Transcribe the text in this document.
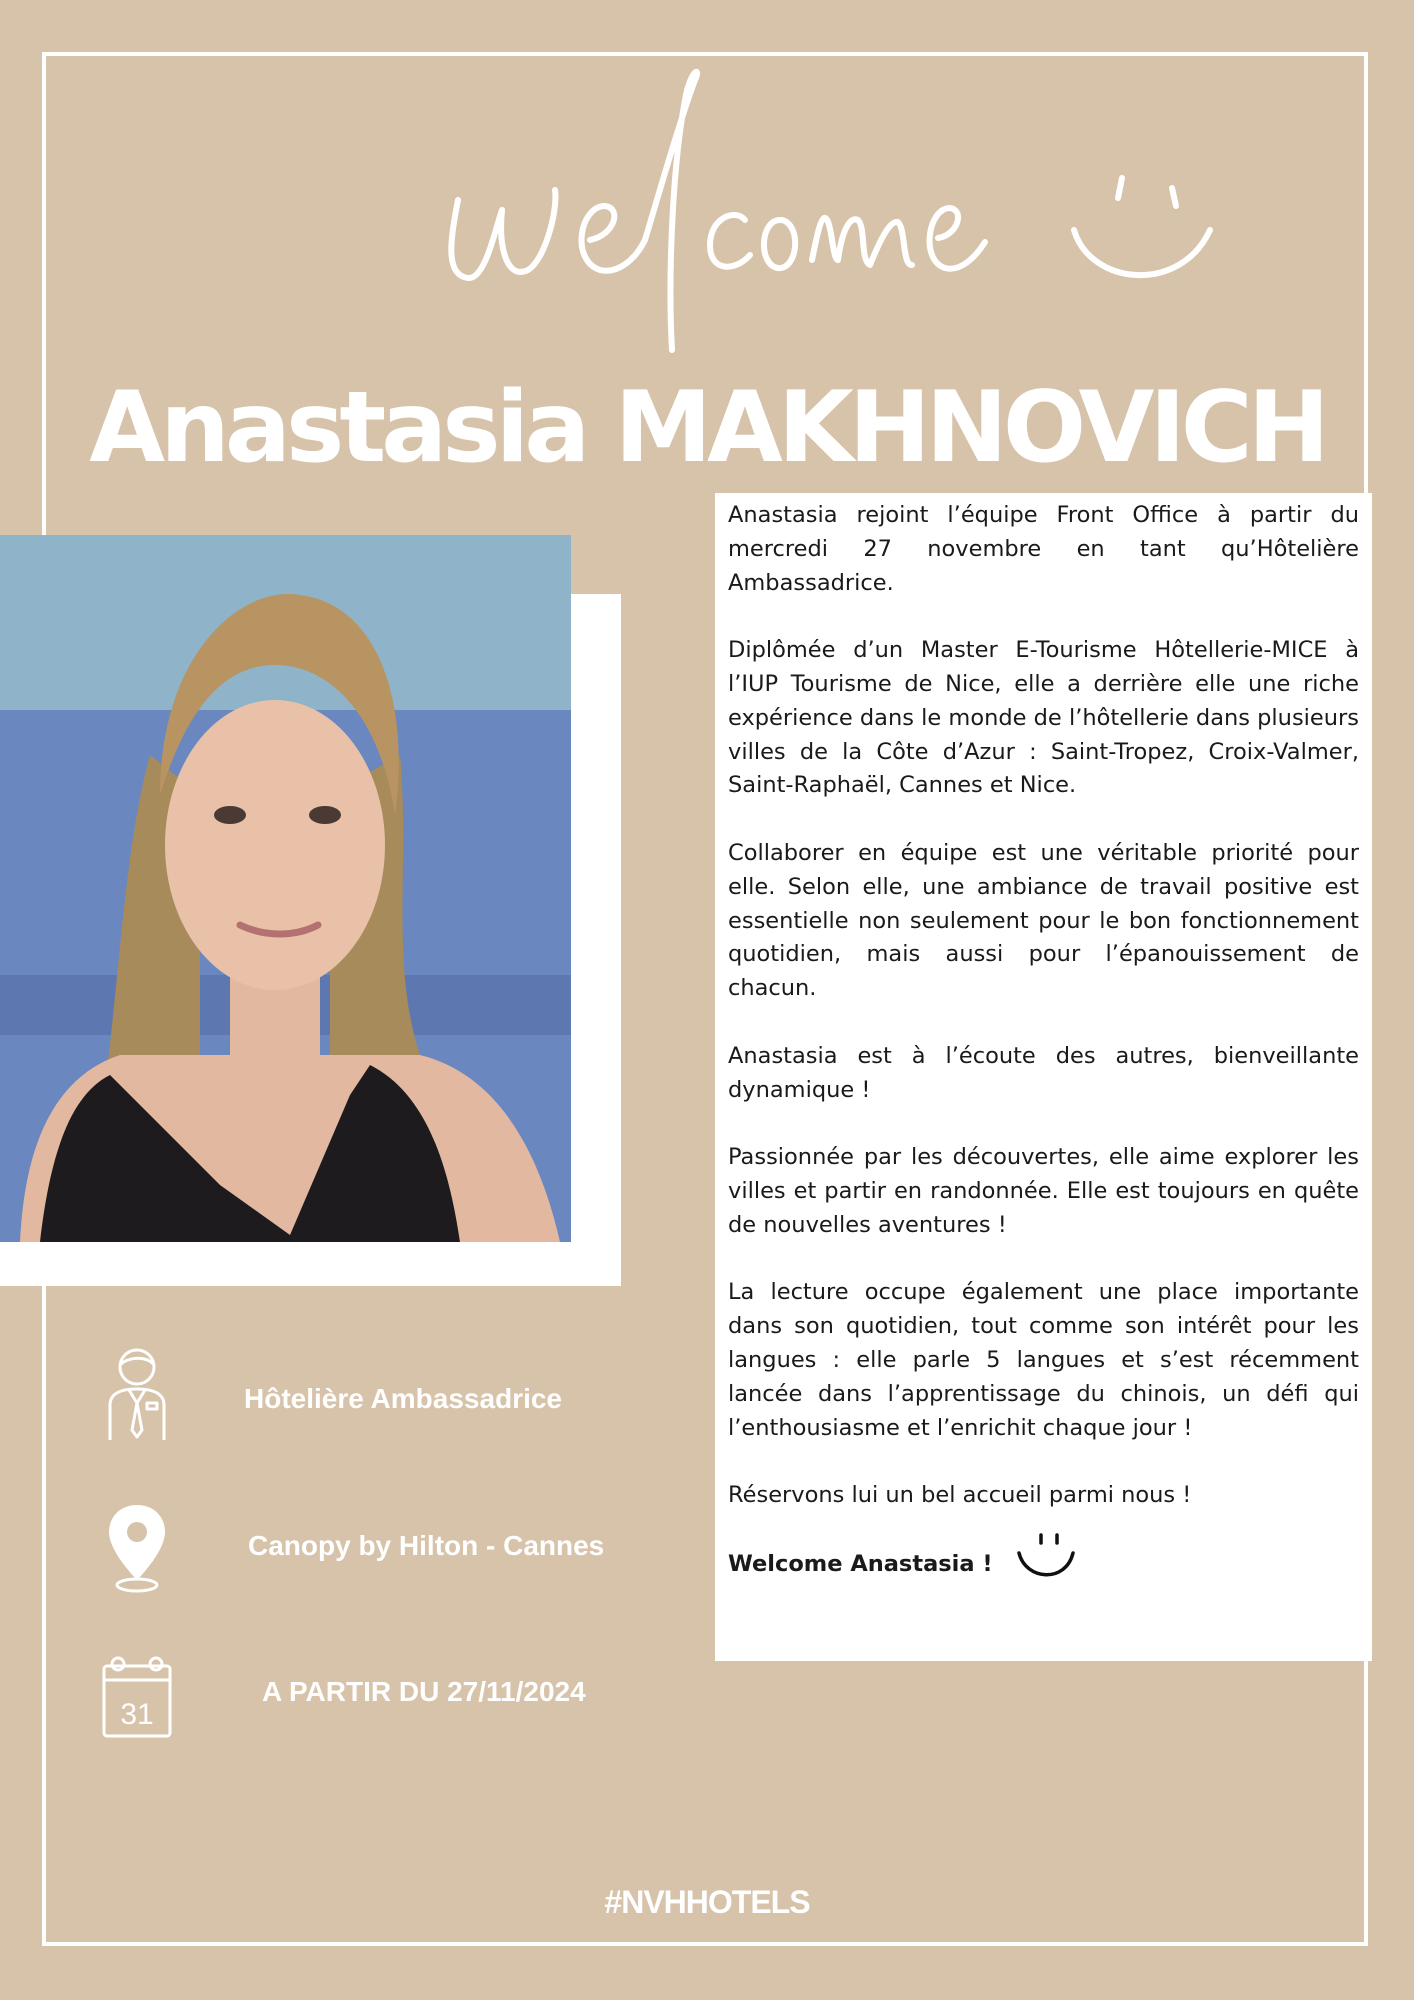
Anastasia MAKHNOVICH

Anastasia rejoint l’équipe Front Office à partir du mercredi 27 novembre en tant qu’Hôtelière Ambassadrice.

Diplômée d’un Master E-Tourisme Hôtellerie-MICE à l’IUP Tourisme de Nice, elle a derrière elle une riche expérience dans le monde de l’hôtellerie dans plusieurs villes de la Côte d’Azur : Saint-Tropez, Croix-Valmer, Saint-Raphaël, Cannes et Nice.

Collaborer en équipe est une véritable priorité pour elle. Selon elle, une ambiance de travail positive est essentielle non seulement pour le bon fonctionnement quotidien, mais aussi pour l’épanouissement de chacun.

Anastasia est à l’écoute des autres, bienveillante dynamique !

Passionnée par les découvertes, elle aime explorer les villes et partir en randonnée. Elle est toujours en quête de nouvelles aventures !

La lecture occupe également une place importante dans son quotidien, tout comme son intérêt pour les langues : elle parle 5 langues et s’est récemment lancée dans l’apprentissage du chinois, un défi qui l’enthousiasme et l’enrichit chaque jour !

Réservons lui un bel accueil parmi nous !

Welcome Anastasia !

Hôtelière Ambassadrice
Canopy by Hilton - Cannes
31
A PARTIR DU 27/11/2024
#NVHHOTELS
